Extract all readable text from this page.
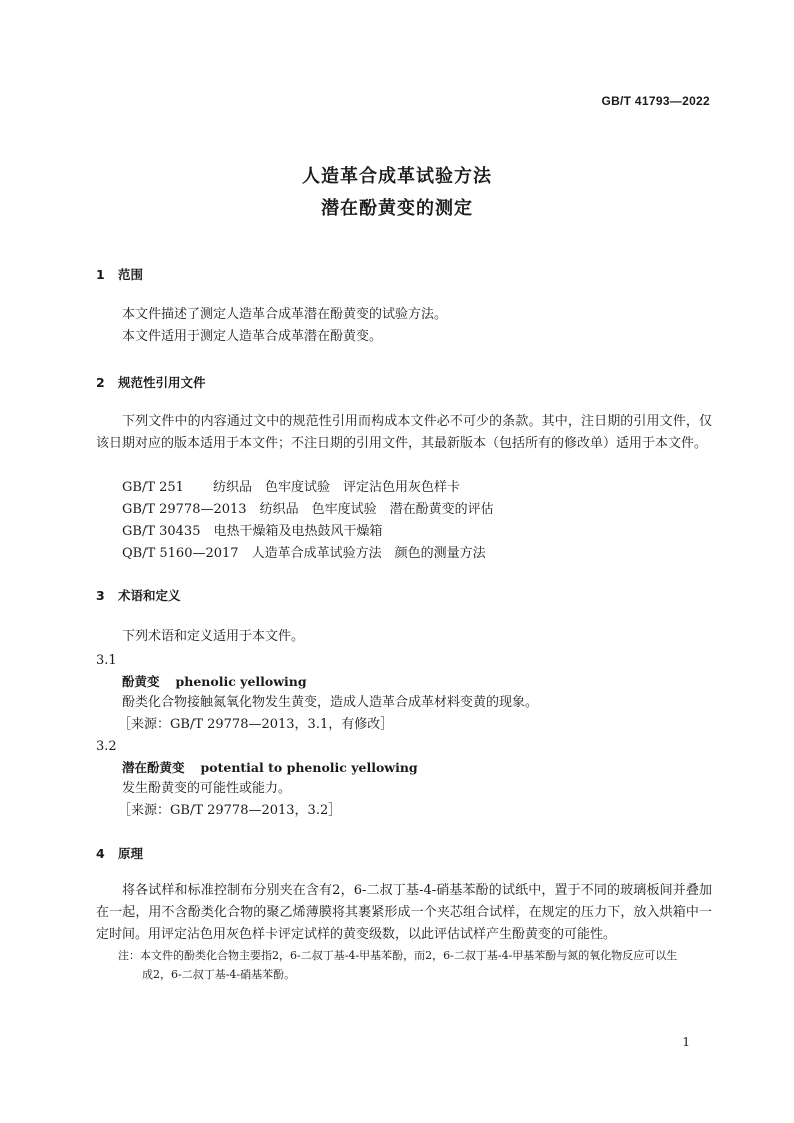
GB/T 41793—2022
人造革合成革试验方法
潜在酚黄变的测定
1 范围
本文件描述了测定人造革合成革潜在酚黄变的试验方法。
本文件适用于测定人造革合成革潜在酚黄变。
2 规范性引用文件
下列文件中的内容通过文中的规范性引用而构成本文件必不可少的条款。其中，注日期的引用文件，仅该日期对应的版本适用于本文件；不注日期的引用文件，其最新版本（包括所有的修改单）适用于本文件。
GB/T 251　 纺织品　色牢度试验　评定沾色用灰色样卡
GB/T 29778—2013　 纺织品　色牢度试验　潜在酚黄变的评估
GB/T 30435　 电热干燥箱及电热鼓风干燥箱
QB/T 5160—2017　 人造革合成革试验方法　颜色的测量方法
3 术语和定义
下列术语和定义适用于本文件。
3.1
酚黄变 phenolic yellowing
酚类化合物接触氮氧化物发生黄变，造成人造革合成革材料变黄的现象。
［来源：GB/T 29778—2013，3.1，有修改］
3.2
潜在酚黄变 potential to phenolic yellowing
发生酚黄变的可能性或能力。
［来源：GB/T 29778—2013，3.2］
4 原理
将各试样和标准控制布分别夹在含有2，6-二叔丁基-4-硝基苯酚的试纸中，置于不同的玻璃板间并叠加在一起，用不含酚类化合物的聚乙烯薄膜将其裹紧形成一个夹芯组合试样，在规定的压力下，放入烘箱中一定时间。用评定沾色用灰色样卡评定试样的黄变级数，以此评估试样产生酚黄变的可能性。
注：本文件的酚类化合物主要指2，6-二叔丁基-4-甲基苯酚，而2，6-二叔丁基-4-甲基苯酚与氮的氧化物反应可以生
成2，6-二叔丁基-4-硝基苯酚。
1
